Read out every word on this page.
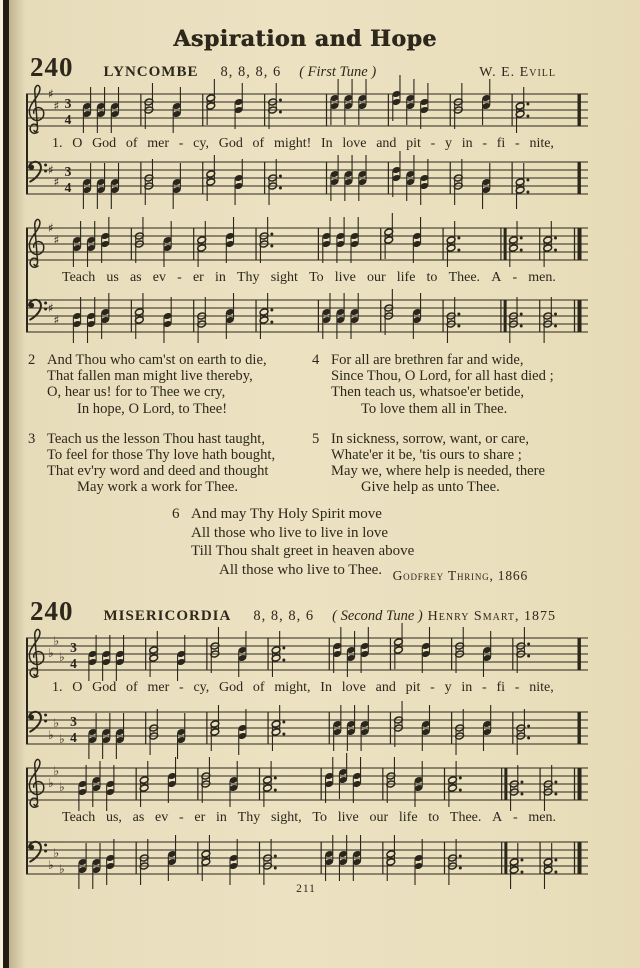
Aspiration and Hope
240 LYNCOMBE 8, 8, 8, 6 ( First Tune )	W. E. Evill
♯
♯ 3
4
1. O God of mer - cy, God of might! In love and pit - y in - fi - nite,
♯
♯
3
4
♯
♯
Teach us as ev - er in Thy sight To live our life to Thee. A - men.
♯
♯
2 And Thou who cam'st on earth to die,
That fallen man might live thereby,
O, hear us! for to Thee we cry,
In hope, O Lord, to Thee!
3 Teach us the lesson Thou hast taught,
To feel for those Thy love hath bought,
That ev'ry word and deed and thought
May work a work for Thee.
4 For all are brethren far and wide,
Since Thou, O Lord, for all hast died ;
Then teach us, whatsoe'er betide,
To love them all in Thee.
5 In sickness, sorrow, want, or care,
Whate'er it be, 'tis ours to share ;
May we, where help is needed, there
Give help as unto Thee.
6 And may Thy Holy Spirit move
All those who live to live in love
Till Thou shalt greet in heaven above
All those who live to Thee. Godfrey Thring, 1866
240 MISERICORDIA 8, 8, 8, 6 ( Second Tune ) Henry Smart, 1875
♭
♭
♭
3
4
1. O God of mer - cy, God of might, In love and pit - y in - fi - nite,
♭
♭
♭
3
4
♭
♭
♭
Teach us, as ev - er in Thy sight, To live our life to Thee. A - men.
♭
♭
♭
211
